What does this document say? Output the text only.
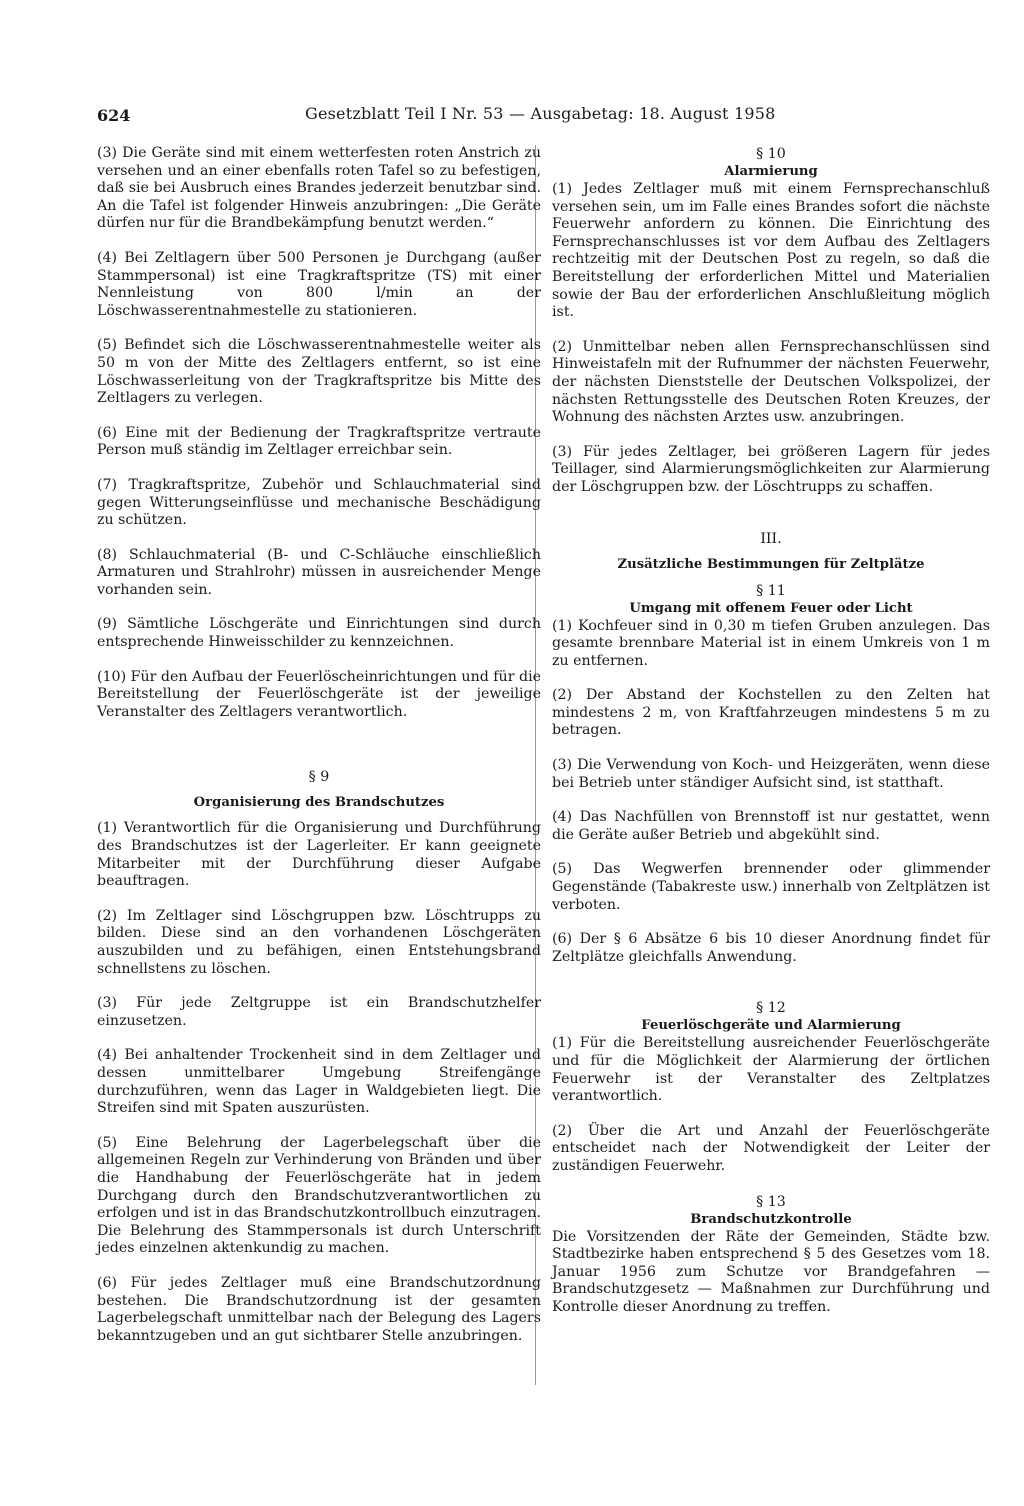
624	Gesetzblatt Teil I Nr. 53 — Ausgabetag: 18. August 1958

(3) Die Geräte sind mit einem wetterfesten roten Anstrich zu versehen und an einer ebenfalls roten Tafel so zu befestigen, daß sie bei Ausbruch eines Brandes jederzeit benutzbar sind. An die Tafel ist folgender Hinweis anzubringen: „Die Geräte dürfen nur für die Brandbekämpfung benutzt werden.“

(4) Bei Zeltlagern über 500 Personen je Durchgang (außer Stammpersonal) ist eine Tragkraftspritze (TS) mit einer Nennleistung von 800 l/min an der Löschwasserentnahmestelle zu stationieren.

(5) Befindet sich die Löschwasserentnahmestelle weiter als 50 m von der Mitte des Zeltlagers entfernt, so ist eine Löschwasserleitung von der Tragkraftspritze bis Mitte des Zeltlagers zu verlegen.

(6) Eine mit der Bedienung der Tragkraftspritze vertraute Person muß ständig im Zeltlager erreichbar sein.

(7) Tragkraftspritze, Zubehör und Schlauchmaterial sind gegen Witterungseinflüsse und mechanische Beschädigung zu schützen.

(8) Schlauchmaterial (B- und C-Schläuche einschließlich Armaturen und Strahlrohr) müssen in ausreichender Menge vorhanden sein.

(9) Sämtliche Löschgeräte und Einrichtungen sind durch entsprechende Hinweisschilder zu kennzeichnen.

(10) Für den Aufbau der Feuerlöscheinrichtungen und für die Bereitstellung der Feuerlöschgeräte ist der jeweilige Veranstalter des Zeltlagers verantwortlich.

§ 9

Organisierung des Brandschutzes

(1) Verantwortlich für die Organisierung und Durchführung des Brandschutzes ist der Lagerleiter. Er kann geeignete Mitarbeiter mit der Durchführung dieser Aufgabe beauftragen.

(2) Im Zeltlager sind Löschgruppen bzw. Löschtrupps zu bilden. Diese sind an den vorhandenen Löschgeräten auszubilden und zu befähigen, einen Entstehungsbrand schnellstens zu löschen.

(3) Für jede Zeltgruppe ist ein Brandschutzhelfer einzusetzen.

(4) Bei anhaltender Trockenheit sind in dem Zeltlager und dessen unmittelbarer Umgebung Streifengänge durchzuführen, wenn das Lager in Waldgebieten liegt. Die Streifen sind mit Spaten auszurüsten.

(5) Eine Belehrung der Lagerbelegschaft über die allgemeinen Regeln zur Verhinderung von Bränden und über die Handhabung der Feuerlöschgeräte hat in jedem Durchgang durch den Brandschutzverantwortlichen zu erfolgen und ist in das Brandschutzkontrollbuch einzutragen. Die Belehrung des Stammpersonals ist durch Unterschrift jedes einzelnen aktenkundig zu machen.

(6) Für jedes Zeltlager muß eine Brandschutzordnung bestehen. Die Brandschutzordnung ist der gesamten Lagerbelegschaft unmittelbar nach der Belegung des Lagers bekanntzugeben und an gut sichtbarer Stelle anzubringen.

§ 10

Alarmierung

(1) Jedes Zeltlager muß mit einem Fernsprechanschluß versehen sein, um im Falle eines Brandes sofort die nächste Feuerwehr anfordern zu können. Die Einrichtung des Fernsprechanschlusses ist vor dem Aufbau des Zeltlagers rechtzeitig mit der Deutschen Post zu regeln, so daß die Bereitstellung der erforderlichen Mittel und Materialien sowie der Bau der erforderlichen Anschlußleitung möglich ist.

(2) Unmittelbar neben allen Fernsprechanschlüssen sind Hinweistafeln mit der Rufnummer der nächsten Feuerwehr, der nächsten Dienststelle der Deutschen Volkspolizei, der nächsten Rettungsstelle des Deutschen Roten Kreuzes, der Wohnung des nächsten Arztes usw. anzubringen.

(3) Für jedes Zeltlager, bei größeren Lagern für jedes Teillager, sind Alarmierungsmöglichkeiten zur Alarmierung der Löschgruppen bzw. der Löschtrupps zu schaffen.

III.

Zusätzliche Bestimmungen für Zeltplätze

§ 11

Umgang mit offenem Feuer oder Licht

(1) Kochfeuer sind in 0,30 m tiefen Gruben anzulegen. Das gesamte brennbare Material ist in einem Umkreis von 1 m zu entfernen.

(2) Der Abstand der Kochstellen zu den Zelten hat mindestens 2 m, von Kraftfahrzeugen mindestens 5 m zu betragen.

(3) Die Verwendung von Koch- und Heizgeräten, wenn diese bei Betrieb unter ständiger Aufsicht sind, ist statthaft.

(4) Das Nachfüllen von Brennstoff ist nur gestattet, wenn die Geräte außer Betrieb und abgekühlt sind.

(5) Das Wegwerfen brennender oder glimmender Gegenstände (Tabakreste usw.) innerhalb von Zeltplätzen ist verboten.

(6) Der § 6 Absätze 6 bis 10 dieser Anordnung findet für Zeltplätze gleichfalls Anwendung.

§ 12

Feuerlöschgeräte und Alarmierung

(1) Für die Bereitstellung ausreichender Feuerlöschgeräte und für die Möglichkeit der Alarmierung der örtlichen Feuerwehr ist der Veranstalter des Zeltplatzes verantwortlich.

(2) Über die Art und Anzahl der Feuerlöschgeräte entscheidet nach der Notwendigkeit der Leiter der zuständigen Feuerwehr.

§ 13

Brandschutzkontrolle

Die Vorsitzenden der Räte der Gemeinden, Städte bzw. Stadtbezirke haben entsprechend § 5 des Gesetzes vom 18. Januar 1956 zum Schutze vor Brandgefahren — Brandschutzgesetz — Maßnahmen zur Durchführung und Kontrolle dieser Anordnung zu treffen.
